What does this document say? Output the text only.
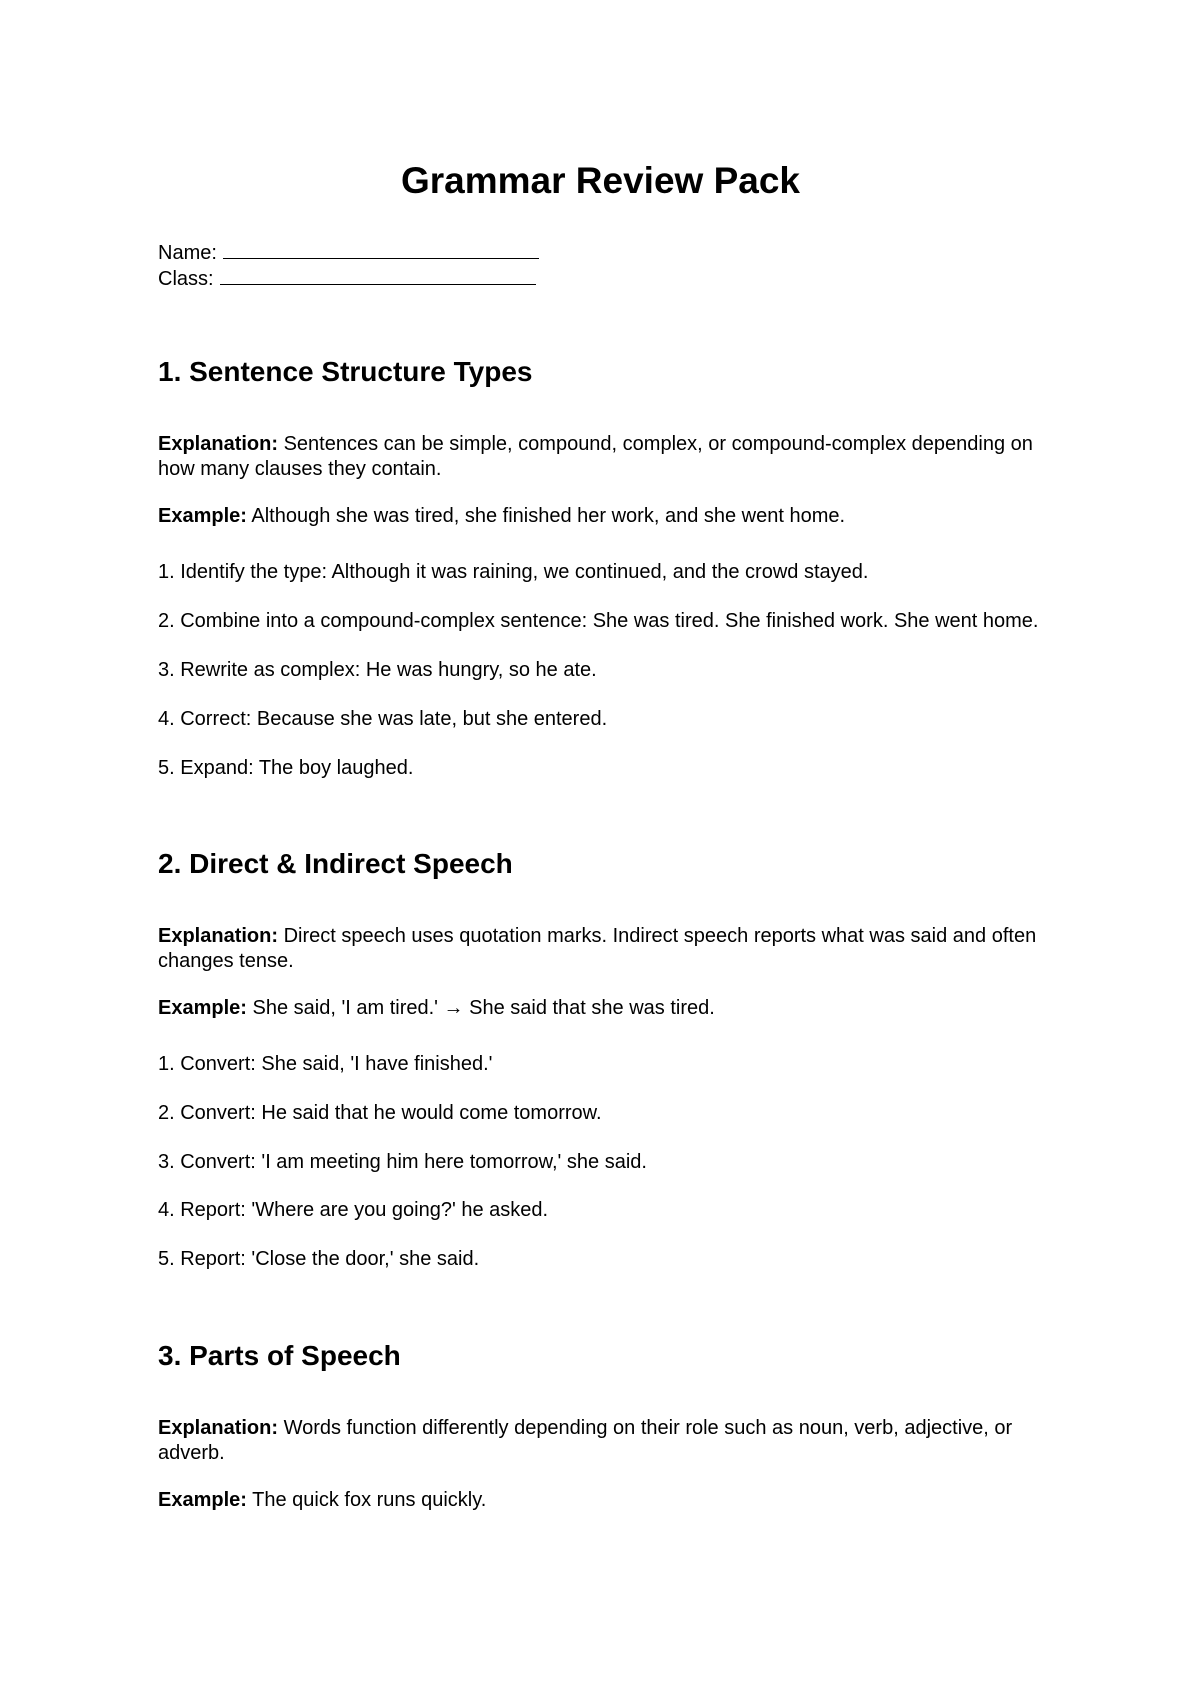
Grammar Review Pack
Name:
Class:
1. Sentence Structure Types

Explanation: Sentences can be simple, compound, complex, or compound-complex depending on how many clauses they contain.

Example: Although she was tired, she finished her work, and she went home.

1. Identify the type: Although it was raining, we continued, and the crowd stayed.

2. Combine into a compound-complex sentence: She was tired. She finished work. She went home.

3. Rewrite as complex: He was hungry, so he ate.

4. Correct: Because she was late, but she entered.

5. Expand: The boy laughed.

2. Direct & Indirect Speech

Explanation: Direct speech uses quotation marks. Indirect speech reports what was said and often changes tense.

Example: She said, 'I am tired.' → She said that she was tired.

1. Convert: She said, 'I have finished.'

2. Convert: He said that he would come tomorrow.

3. Convert: 'I am meeting him here tomorrow,' she said.

4. Report: 'Where are you going?' he asked.

5. Report: 'Close the door,' she said.

3. Parts of Speech

Explanation: Words function differently depending on their role such as noun, verb, adjective, or adverb.

Example: The quick fox runs quickly.
